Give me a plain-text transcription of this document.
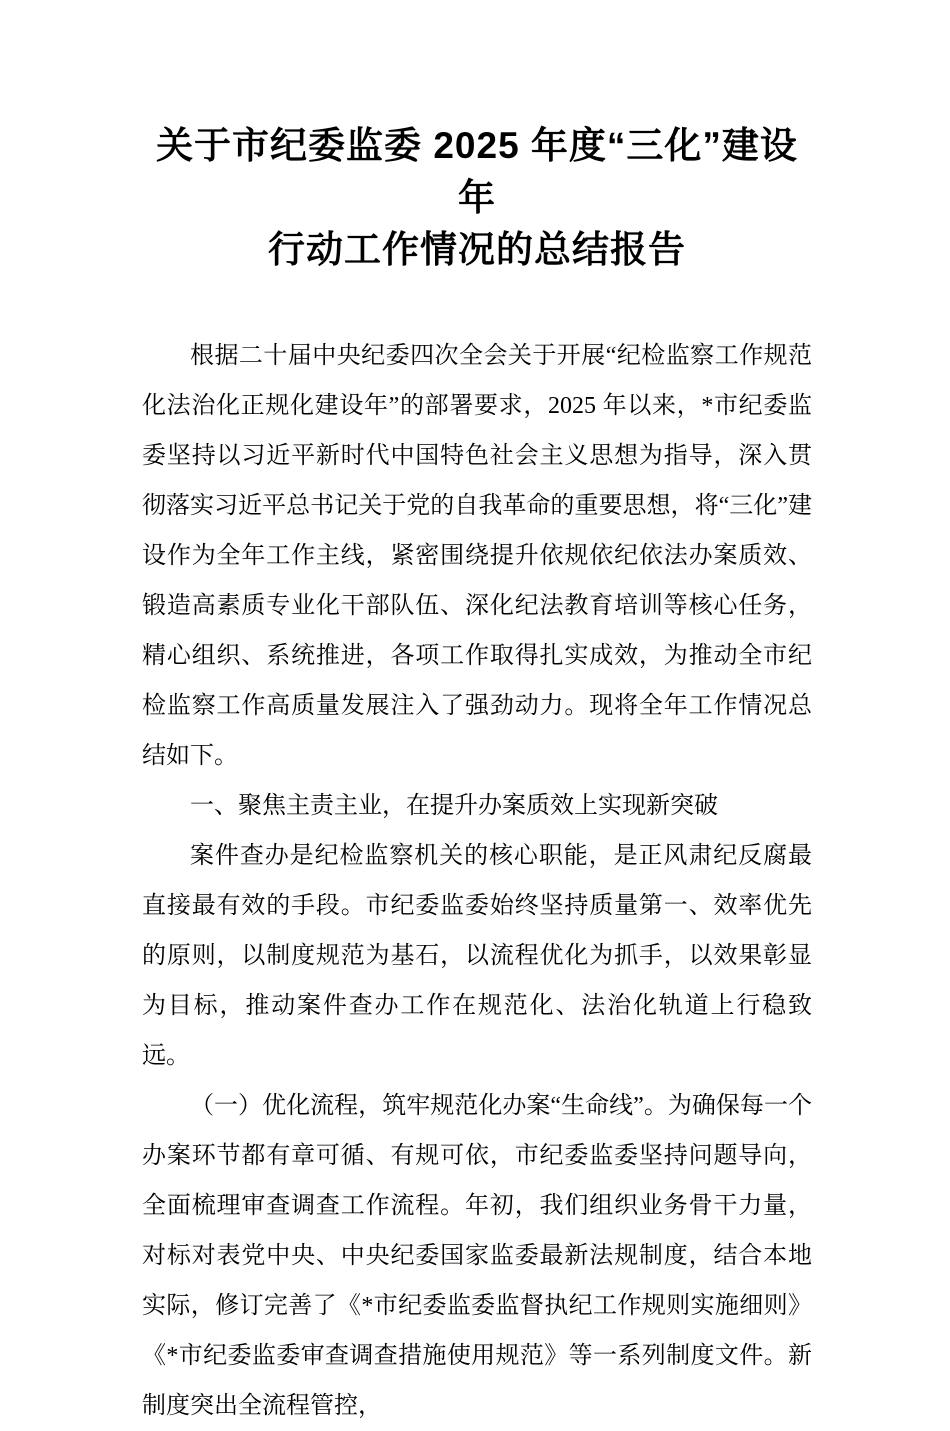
关于市纪委监委 2025 年度“三化”建设年
行动工作情况的总结报告

根据二十届中央纪委四次全会关于开展“纪检监察工作规范化法治化正规化建设年”的部署要求，2025 年以来，*市纪委监委坚持以习近平新时代中国特色社会主义思想为指导，深入贯彻落实习近平总书记关于党的自我革命的重要思想，将“三化”建设作为全年工作主线，紧密围绕提升依规依纪依法办案质效、锻造高素质专业化干部队伍、深化纪法教育培训等核心任务，精心组织、系统推进，各项工作取得扎实成效，为推动全市纪检监察工作高质量发展注入了强劲动力。现将全年工作情况总结如下。

一、聚焦主责主业，在提升办案质效上实现新突破

案件查办是纪检监察机关的核心职能，是正风肃纪反腐最直接最有效的手段。市纪委监委始终坚持质量第一、效率优先的原则，以制度规范为基石，以流程优化为抓手，以效果彰显为目标，推动案件查办工作在规范化、法治化轨道上行稳致远。

（一）优化流程，筑牢规范化办案“生命线”。为确保每一个办案环节都有章可循、有规可依，市纪委监委坚持问题导向，全面梳理审查调查工作流程。年初，我们组织业务骨干力量，对标对表党中央、中央纪委国家监委最新法规制度，结合本地实际，修订完善了《*市纪委监委监督执纪工作规则实施细则》《*市纪委监委审查调查措施使用规范》等一系列制度文件。新制度突出全流程管控，
